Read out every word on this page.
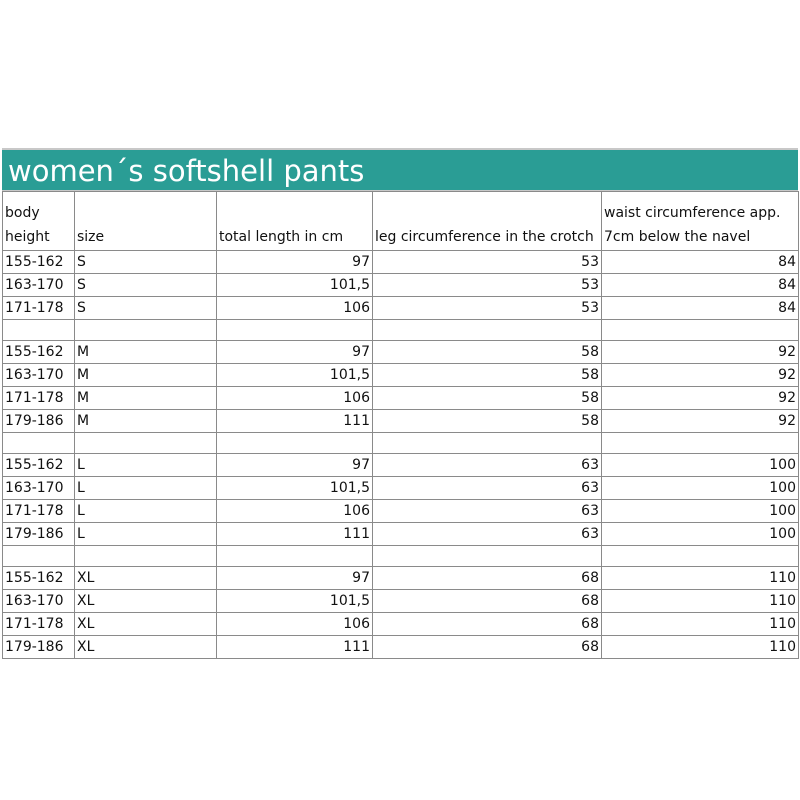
women´s softshell pants
body height	size	total length in cm	leg circumference in the crotch	waist circumference app. 7cm below the navel
155-162	S	97	53	84
163-170	S	101,5	53	84
171-178	S	106	53	84

155-162	M	97	58	92
163-170	M	101,5	58	92
171-178	M	106	58	92
179-186	M	111	58	92

155-162	L	97	63	100
163-170	L	101,5	63	100
171-178	L	106	63	100
179-186	L	111	63	100

155-162	XL	97	68	110
163-170	XL	101,5	68	110
171-178	XL	106	68	110
179-186	XL	111	68	110
